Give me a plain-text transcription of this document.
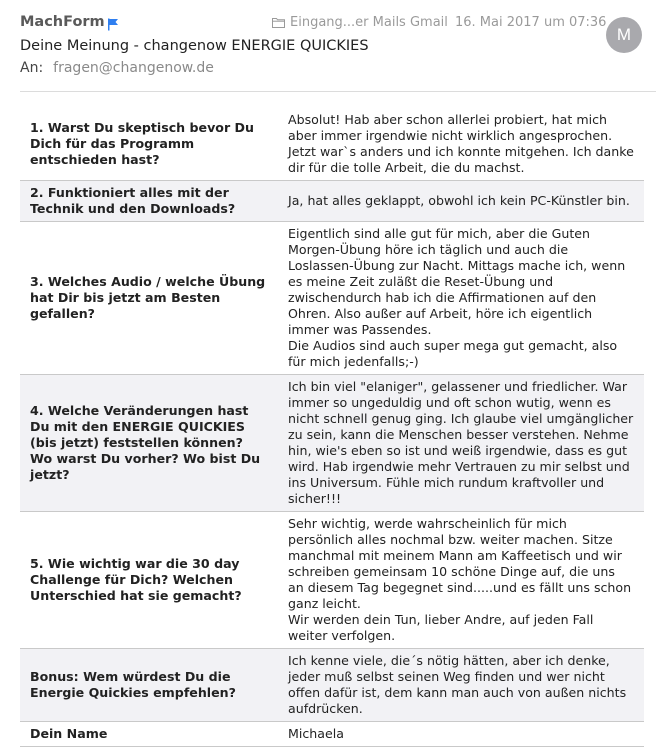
MachForm	Eingang...er Mails Gmail 16. Mai 2017 um 07:36
M
Deine Meinung - changenow ENERGIE QUICKIES
An: fragen@changenow.de
1. Warst Du skeptisch bevor Du Dich für das Programm entschieden hast?	Absolut! Hab aber schon allerlei probiert, hat mich aber immer irgendwie nicht wirklich angesprochen. Jetzt war`s anders und ich konnte mitgehen. Ich danke dir für die tolle Arbeit, die du machst.

2. Funktioniert alles mit der Technik und den Downloads?	Ja, hat alles geklappt, obwohl ich kein PC-Künstler bin.

3. Welches Audio / welche Übung hat Dir bis jetzt am Besten gefallen?	Eigentlich sind alle gut für mich, aber die Guten Morgen-Übung höre ich täglich und auch die Loslassen-Übung zur Nacht. Mittags mache ich, wenn es meine Zeit zuläßt die Reset-Übung und zwischendurch hab ich die Affirmationen auf den Ohren. Also außer auf Arbeit, höre ich eigentlich immer was Passendes.
Die Audios sind auch super mega gut gemacht, also für mich jedenfalls;-)

4. Welche Veränderungen hast Du mit den ENERGIE QUICKIES (bis jetzt) feststellen können? Wo warst Du vorher? Wo bist Du jetzt?	Ich bin viel "elaniger", gelassener und friedlicher. War immer so ungeduldig und oft schon wutig, wenn es nicht schnell genug ging. Ich glaube viel umgänglicher zu sein, kann die Menschen besser verstehen. Nehme hin, wie's eben so ist und weiß irgendwie, dass es gut wird. Hab irgendwie mehr Vertrauen zu mir selbst und ins Universum. Fühle mich rundum kraftvoller und sicher!!!

5. Wie wichtig war die 30 day Challenge für Dich? Welchen Unterschied hat sie gemacht?	Sehr wichtig, werde wahrscheinlich für mich persönlich alles nochmal bzw. weiter machen. Sitze manchmal mit meinem Mann am Kaffeetisch und wir schreiben gemeinsam 10 schöne Dinge auf, die uns an diesem Tag begegnet sind.....und es fällt uns schon ganz leicht.
Wir werden dein Tun, lieber Andre, auf jeden Fall weiter verfolgen.

Bonus: Wem würdest Du die Energie Quickies empfehlen?	Ich kenne viele, die´s nötig hätten, aber ich denke, jeder muß selbst seinen Weg finden und wer nicht offen dafür ist, dem kann man auch von außen nichts aufdrücken.

Dein Name	Michaela
